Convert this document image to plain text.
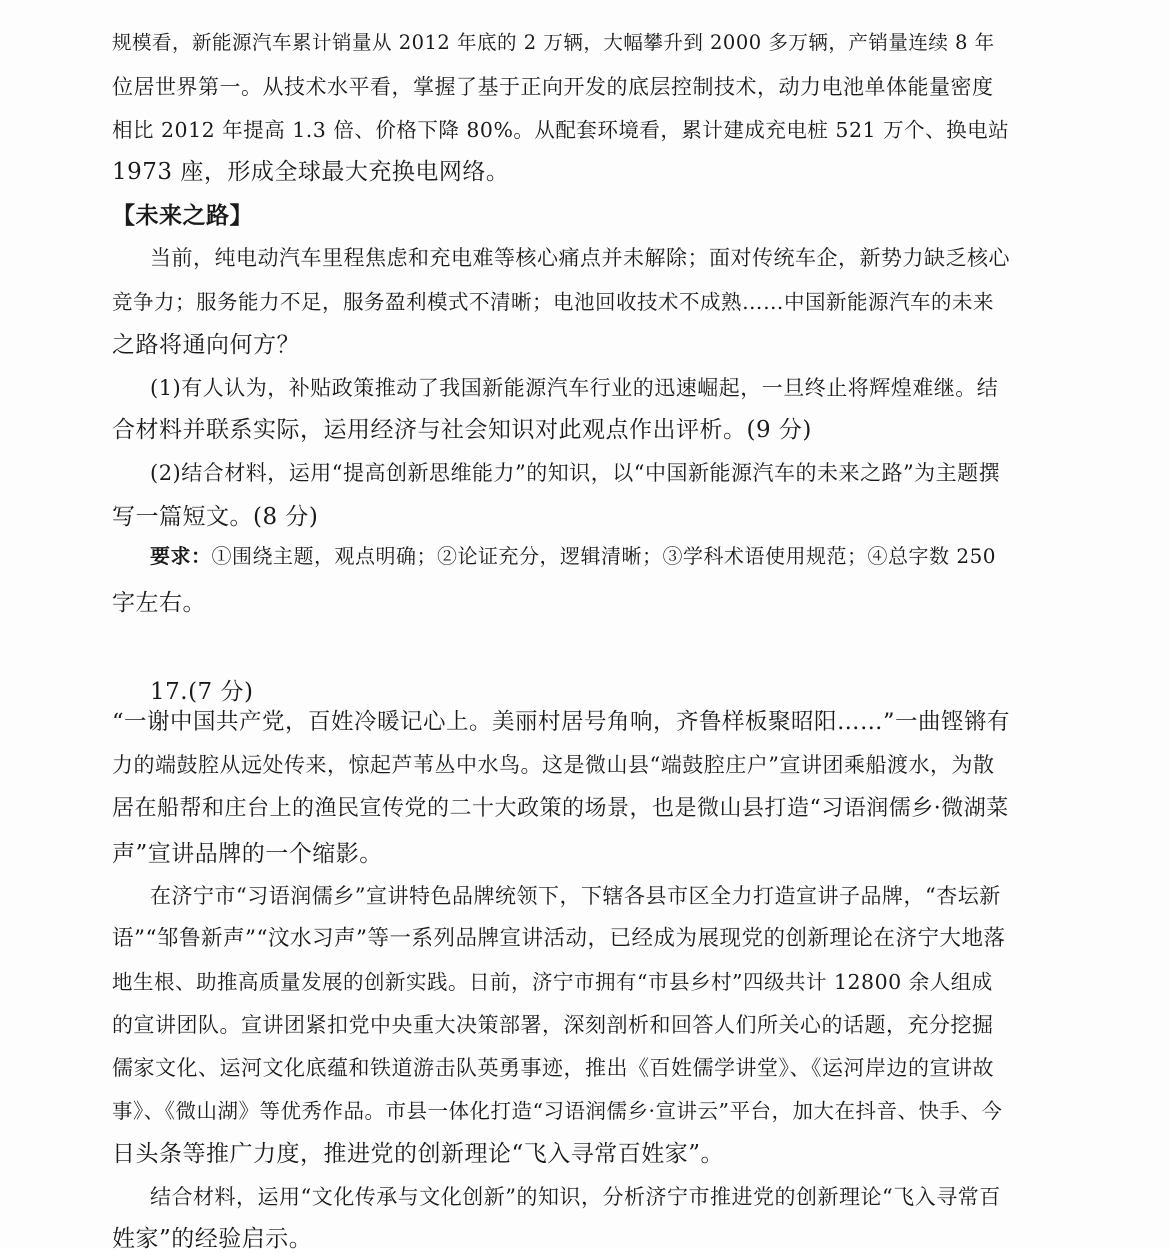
规模看，新能源汽车累计销量从 2012 年底的 2 万辆，大幅攀升到 2000 多万辆，产销量连续 8 年
位居世界第一。从技术水平看，掌握了基于正向开发的底层控制技术，动力电池单体能量密度
相比 2012 年提高 1.3 倍、价格下降 80%。从配套环境看，累计建成充电桩 521 万个、换电站
1973 座，形成全球最大充换电网络。
【未来之路】
当前，纯电动汽车里程焦虑和充电难等核心痛点并未解除；面对传统车企，新势力缺乏核心
竞争力；服务能力不足，服务盈利模式不清晰；电池回收技术不成熟……中国新能源汽车的未来
之路将通向何方？
(1)有人认为，补贴政策推动了我国新能源汽车行业的迅速崛起，一旦终止将辉煌难继。结
合材料并联系实际，运用经济与社会知识对此观点作出评析。(9 分)
(2)结合材料，运用“提高创新思维能力”的知识，以“中国新能源汽车的未来之路”为主题撰
写一篇短文。(8 分)
要求：①围绕主题，观点明确；②论证充分，逻辑清晰；③学科术语使用规范；④总字数 250
字左右。
17.(7 分)
“一谢中国共产党，百姓冷暖记心上。美丽村居号角响，齐鲁样板聚昭阳……”一曲铿锵有
力的端鼓腔从远处传来，惊起芦苇丛中水鸟。这是微山县“端鼓腔庄户”宣讲团乘船渡水，为散
居在船帮和庄台上的渔民宣传党的二十大政策的场景，也是微山县打造“习语润儒乡·微湖菜
声”宣讲品牌的一个缩影。
在济宁市“习语润儒乡”宣讲特色品牌统领下，下辖各县市区全力打造宣讲子品牌，“杏坛新
语”“邹鲁新声”“汶水习声”等一系列品牌宣讲活动，已经成为展现党的创新理论在济宁大地落
地生根、助推高质量发展的创新实践。日前，济宁市拥有“市县乡村”四级共计 12800 余人组成
的宣讲团队。宣讲团紧扣党中央重大决策部署，深刻剖析和回答人们所关心的话题，充分挖掘
儒家文化、运河文化底蕴和铁道游击队英勇事迹，推出《百姓儒学讲堂》、《运河岸边的宣讲故
事》、《微山湖》等优秀作品。市县一体化打造“习语润儒乡·宣讲云”平台，加大在抖音、快手、今
日头条等推广力度，推进党的创新理论“飞入寻常百姓家”。
结合材料，运用“文化传承与文化创新”的知识，分析济宁市推进党的创新理论“飞入寻常百
姓家”的经验启示。
